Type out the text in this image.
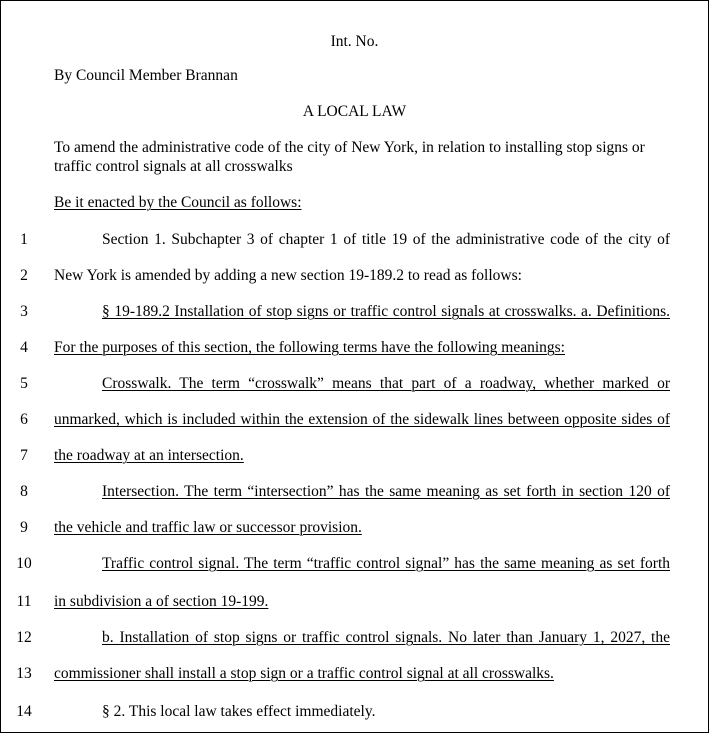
Int. No.
By Council Member Brannan
A LOCAL LAW
To amend the administrative code of the city of New York, in relation to installing stop signs or traffic control signals at all crosswalks
Be it enacted by the Council as follows:
1	Section 1. Subchapter 3 of chapter 1 of title 19 of the administrative code of the city of
2	New York is amended by adding a new section 19-189.2 to read as follows:
3	§ 19-189.2 Installation of stop signs or traffic control signals at crosswalks. a. Definitions.
4	For the purposes of this section, the following terms have the following meanings:
5	Crosswalk. The term “crosswalk” means that part of a roadway, whether marked or
6	unmarked, which is included within the extension of the sidewalk lines between opposite sides of
7	the roadway at an intersection.
8	Intersection. The term “intersection” has the same meaning as set forth in section 120 of
9	the vehicle and traffic law or successor provision.
10	Traffic control signal. The term “traffic control signal” has the same meaning as set forth
11	in subdivision a of section 19-199.
12	b. Installation of stop signs or traffic control signals. No later than January 1, 2027, the
13	commissioner shall install a stop sign or a traffic control signal at all crosswalks.
14	§ 2. This local law takes effect immediately.
